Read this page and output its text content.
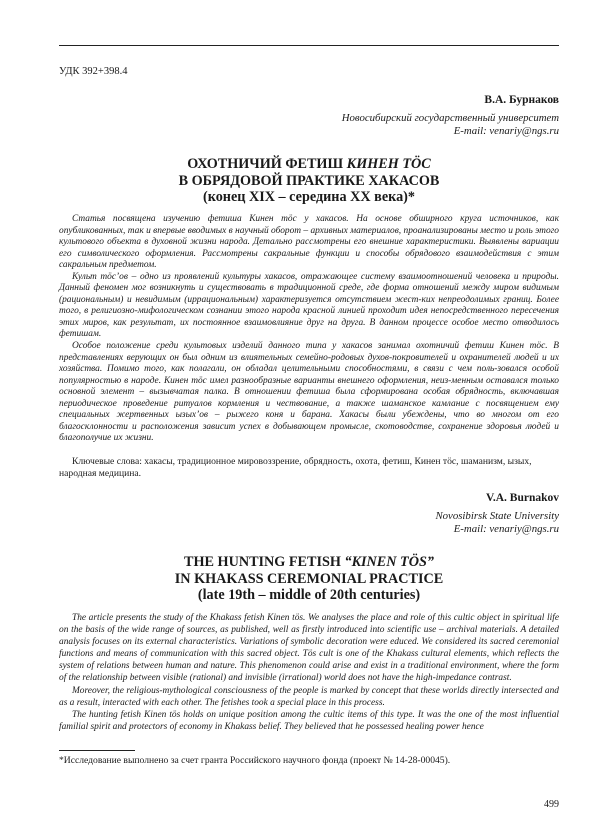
УДК 392+398.4
В.А. Бурнаков
Новосибирский государственный университет
E-mail: venariy@ngs.ru
ОХОТНИЧИЙ ФЕТИШ КИНЕН ТӦС
В ОБРЯДОВОЙ ПРАКТИКЕ ХАКАСОВ
(конец XIX – середина XX века)*

Статья посвящена изучению фетиша Кинен тӧс у хакасов. На основе обширного круга источников, как опубликованных, так и впервые вводимых в научный оборот – архивных материалов, проанализированы место и роль этого культового объекта в духовной жизни народа. Детально рассмотрены его внешние характеристики. Выявлены вариации его символического оформления. Рассмотрены сакральные функции и способы обрядового взаимодействия с этим сакральным предметом.

Культ тӧс’ов – одно из проявлений культуры хакасов, отражающее систему взаимоотношений человека и природы. Данный феномен мог возникнуть и существовать в традиционной среде, где форма отношений между миром видимым (рациональным) и невидимым (иррациональным) характеризуется отсутствием жест-ких непреодолимых границ. Более того, в религиозно-мифологическом сознании этого народа красной линией проходит идея непосредственного пересечения этих миров, как результат, их постоянное взаимовлияние друг на друга. В данном процессе особое место отводилось фетишам.

Особое положение среди культовых изделий данного типа у хакасов занимал охотничий фетиш Кинен тӧс. В представлениях верующих он был одним из влиятельных семейно-родовых духов-покровителей и охранителей людей и их хозяйства. Помимо того, как полагали, он обладал целительными способностями, в связи с чем поль-зовался особой популярностью в народе. Кинен тӧс имел разнообразные варианты внешнего оформления, неиз-менным оставался только основной элемент – вызывчатая палка. В отношении фетиша была сформирована особая обрядность, включавшая периодическое проведение ритуалов кормления и чествование, а также шаманское камлание с посвящением ему специальных жертвенных ызых’ов – рыжего коня и барана. Хакасы были убеждены, что во многом от его благосклонности и расположения зависит успех в добывающем промысле, скотоводстве, сохранение здоровья людей и благополучие их жизни.

Ключевые слова: хакасы, традиционное мировоззрение, обрядность, охота, фетиш, Кинен тӧс, шаманизм, ызых, народная медицина.
V.A. Burnakov
Novosibirsk State University
E-mail: venariy@ngs.ru
THE HUNTING FETISH “KINEN TÖS”
IN KHAKASS CEREMONIAL PRACTICE
(late 19th – middle of 20th centuries)

The article presents the study of the Khakass fetish Kinen tӧs. We analyses the place and role of this cultic object in spiritual life on the basis of the wide range of sources, as published, well as firstly introduced into scientific use – archival materials. A detailed analysis focuses on its external characteristics. Variations of symbolic decoration were educed. We considered its sacred ceremonial functions and means of communication with this sacred object. Tӧs cult is one of the Khakass cultural elements, which reflects the system of relations between human and nature. This phenomenon could arise and exist in a traditional environment, where the form of the relationship between visible (rational) and invisible (irrational) world does not have the high-impedance contrast.

Moreover, the religious-mythological consciousness of the people is marked by concept that these worlds directly intersected and as a result, interacted with each other. The fetishes took a special place in this process.

The hunting fetish Kinen tӧs holds on unique position among the cultic items of this type. It was the one of the most influential familial spirit and protectors of economy in Khakass belief. They believed that he possessed healing power hence

*Исследование выполнено за счет гранта Российского научного фонда (проект № 14-28-00045).
499
